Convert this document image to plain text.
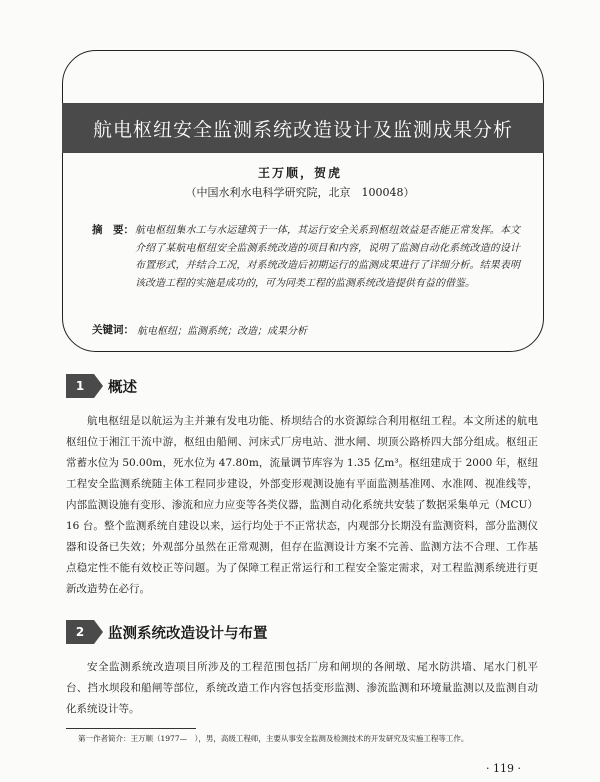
航电枢纽安全监测系统改造设计及监测成果分析
王万顺，贺虎
（中国水利水电科学研究院，北京　100048）
摘　要： 航电枢纽集水工与水运建筑于一体，其运行安全关系到枢纽效益是否能正常发挥。本文介绍了某航电枢纽安全监测系统改造的项目和内容，说明了监测自动化系统改造的设计布置形式，并结合工况，对系统改造后初期运行的监测成果进行了详细分析。结果表明该改造工程的实施是成功的，可为同类工程的监测系统改造提供有益的借鉴。
关键词： 航电枢纽；监测系统；改造；成果分析
1	概述
航电枢纽是以航运为主并兼有发电功能、桥坝结合的水资源综合利用枢纽工程。本文所述的航电枢纽位于湘江干流中游，枢纽由船闸、河床式厂房电站、泄水闸、坝顶公路桥四大部分组成。枢纽正常蓄水位为 50.00m，死水位为 47.80m，流量调节库容为 1.35 亿m³。枢纽建成于 2000 年，枢纽工程安全监测系统随主体工程同步建设，外部变形观测设施有平面监测基准网、水准网、视准线等，内部监测设施有变形、渗流和应力应变等各类仪器，监测自动化系统共安装了数据采集单元（MCU）16 台。整个监测系统自建设以来，运行均处于不正常状态，内观部分长期没有监测资料，部分监测仪器和设备已失效；外观部分虽然在正常观测，但存在监测设计方案不完善、监测方法不合理、工作基点稳定性不能有效校正等问题。为了保障工程正常运行和工程安全鉴定需求，对工程监测系统进行更新改造势在必行。
2	监测系统改造设计与布置
安全监测系统改造项目所涉及的工程范围包括厂房和闸坝的各闸墩、尾水防洪墙、尾水门机平台、挡水坝段和船闸等部位，系统改造工作内容包括变形监测、渗流监测和环境量监测以及监测自动化系统设计等。
第一作者简介：王万顺（1977—　），男，高级工程师，主要从事安全监测及检测技术的开发研究及实施工程等工作。
· 119 ·
